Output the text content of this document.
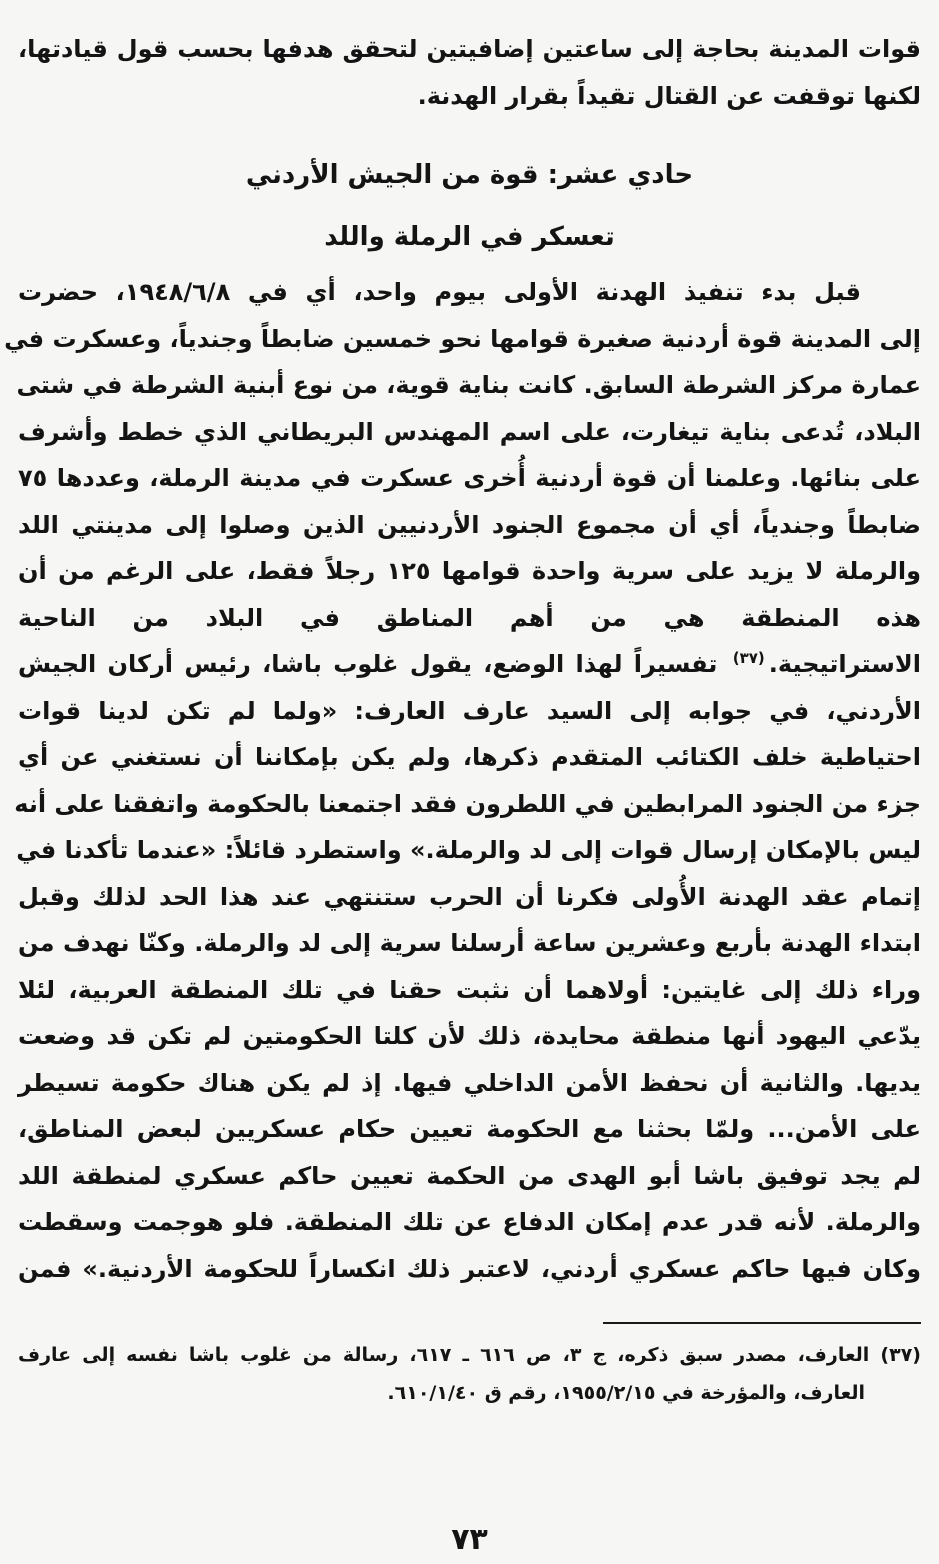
قوات المدينة بحاجة إلى ساعتين إضافيتين لتحقق هدفها بحسب قول قيادتها،
لكنها توقفت عن القتال تقيداً بقرار الهدنة.
حادي عشر: قوة من الجيش الأردني
تعسكر في الرملة واللد
قبل بدء تنفيذ الهدنة الأولى بيوم واحد، أي في ١٩٤٨/٦/٨، حضرت
إلى المدينة قوة أردنية صغيرة قوامها نحو خمسين ضابطاً وجندياً، وعسكرت في
عمارة مركز الشرطة السابق. كانت بناية قوية، من نوع أبنية الشرطة في شتى
البلاد، تُدعى بناية تيغارت، على اسم المهندس البريطاني الذي خطط وأشرف
على بنائها. وعلمنا أن قوة أردنية أُخرى عسكرت في مدينة الرملة، وعددها ٧٥
ضابطاً وجندياً، أي أن مجموع الجنود الأردنيين الذين وصلوا إلى مدينتي اللد
والرملة لا يزيد على سرية واحدة قوامها ١٢٥ رجلاً فقط، على الرغم من أن
هذه المنطقة هي من أهم المناطق في البلاد من الناحية
الاستراتيجية.$^{(٣٧)}$ تفسيراً لهذا الوضع، يقول غلوب باشا، رئيس أركان الجيش
الأردني، في جوابه إلى السيد عارف العارف: «ولما لم تكن لدينا قوات
احتياطية خلف الكتائب المتقدم ذكرها، ولم يكن بإمكاننا أن نستغني عن أي
جزء من الجنود المرابطين في اللطرون فقد اجتمعنا بالحكومة واتفقنا على أنه
ليس بالإمكان إرسال قوات إلى لد والرملة.» واستطرد قائلاً: «عندما تأكدنا في
إتمام عقد الهدنة الأُولى فكرنا أن الحرب ستنتهي عند هذا الحد لذلك وقبل
ابتداء الهدنة بأربع وعشرين ساعة أرسلنا سرية إلى لد والرملة. وكنّا نهدف من
وراء ذلك إلى غايتين: أولاهما أن نثبت حقنا في تلك المنطقة العربية، لئلا
يدّعي اليهود أنها منطقة محايدة، ذلك لأن كلتا الحكومتين لم تكن قد وضعت
يديها. والثانية أن نحفظ الأمن الداخلي فيها. إذ لم يكن هناك حكومة تسيطر
على الأمن... ولمّا بحثنا مع الحكومة تعيين حكام عسكريين لبعض المناطق،
لم يجد توفيق باشا أبو الهدى من الحكمة تعيين حاكم عسكري لمنطقة اللد
والرملة. لأنه قدر عدم إمكان الدفاع عن تلك المنطقة. فلو هوجمت وسقطت
وكان فيها حاكم عسكري أردني، لاعتبر ذلك انكساراً للحكومة الأردنية.» فمن
(٣٧) العارف، مصدر سبق ذكره، ج ٣، ص ٦١٦ ـ ٦١٧، رسالة من غلوب باشا نفسه إلى عارف
العارف، والمؤرخة في ١٩٥٥/٢/١٥، رقم ق ٦١٠/١/٤٠.
٧٣
